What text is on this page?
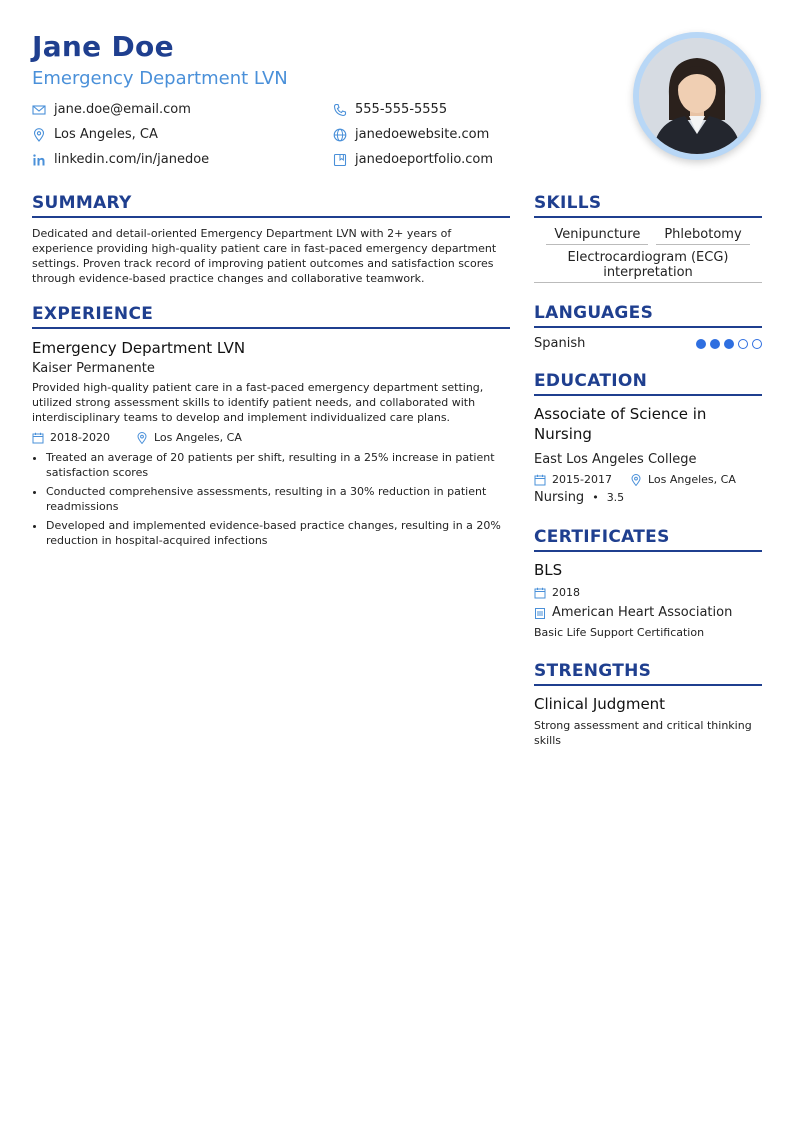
Jane Doe
Emergency Department LVN
jane.doe@email.com	555-555-5555
Los Angeles, CA	janedoewebsite.com
linkedin.com/in/janedoe	janedoeportfolio.com
SUMMARY

Dedicated and detail-oriented Emergency Department LVN with 2+ years of experience providing high-quality patient care in fast-paced emergency department settings. Proven track record of improving patient outcomes and satisfaction scores through evidence-based practice changes and collaborative teamwork.

EXPERIENCE
Emergency Department LVN
Kaiser Permanente

Provided high-quality patient care in a fast-paced emergency department setting, utilized strong assessment skills to identify patient needs, and collaborated with interdisciplinary teams to develop and implement individualized care plans.

2018-2020	Los Angeles, CA
• Treated an average of 20 patients per shift, resulting in a 25% increase in patient satisfaction scores
• Conducted comprehensive assessments, resulting in a 30% reduction in patient readmissions
• Developed and implemented evidence-based practice changes, resulting in a 20% reduction in hospital-acquired infections
SKILLS
Venipuncture	Phlebotomy
Electrocardiogram (ECG) interpretation
LANGUAGES
Spanish
EDUCATION
Associate of Science in Nursing
East Los Angeles College
2015-2017	Los Angeles, CA
Nursing • 3.5
CERTIFICATES
BLS
2018
American Heart Association
Basic Life Support Certification
STRENGTHS
Clinical Judgment

Strong assessment and critical thinking skills
